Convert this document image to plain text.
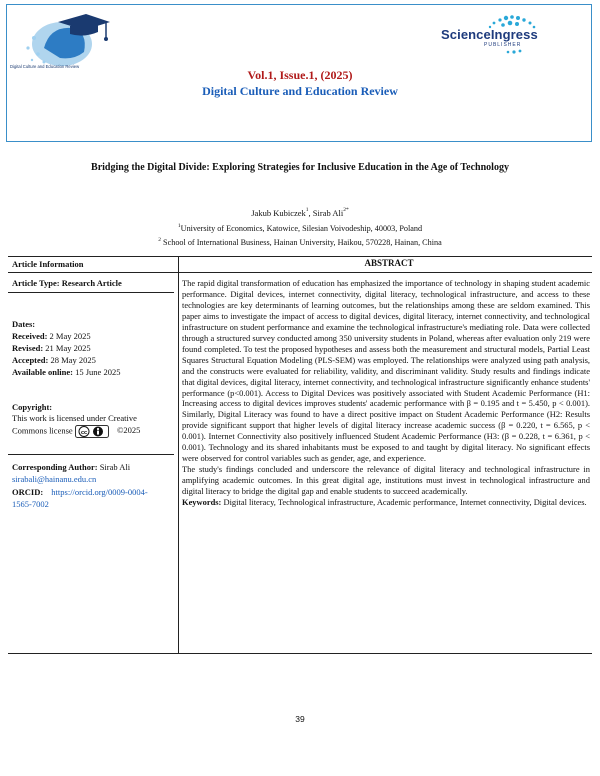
Digital Culture and Education Review
ScienceIngress
PUBLISHER
Vol.1, Issue.1, (2025)
Digital Culture and Education Review
Bridging the Digital Divide: Exploring Strategies for Inclusive Education in the Age of Technology
Jakub Kubiczek$^1$, Sirab Ali$^{2*}$
$^1$University of Economics, Katowice, Silesian Voivodeship, 40003, Poland
$^2$ School of International Business, Hainan University, Haikou, 570228, Hainan, China
Article Information
Article Type: Research Article
Dates:
Received: 2 May 2025
Revised: 21 May 2025
Accepted: 28 May 2025
Available online: 15 June 2025
Copyright:
This work is licensed under Creative
Commons license cc	©2025
Corresponding Author: Sirab Ali
sirabali@hainanu.edu.cn
ORCID: https://orcid.org/0009-0004-
1565-7002
ABSTRACT

The rapid digital transformation of education has emphasized the importance of technology in shaping student academic performance. Digital devices, internet connectivity, digital literacy, technological infrastructure, and access to these technologies are key determinants of learning outcomes, but the relationships among these are seldom examined. This paper aims to investigate the impact of access to digital devices, digital literacy, internet connectivity, and technological infrastructure on student performance and examine the technological infrastructure's mediating role. Data were collected through a structured survey conducted among 350 university students in Poland, whereas after evaluation only 219 were found completed. To test the proposed hypotheses and assess both the measurement and structural models, Partial Least Squares Structural Equation Modeling (PLS-SEM) was employed. The relationships were analyzed using path analysis, and the constructs were evaluated for reliability, validity, and discriminant validity. Study results and findings indicate that digital devices, digital literacy, internet connectivity, and technological infrastructure significantly enhance students' performance (p<0.001). Access to Digital Devices was positively associated with Student Academic Performance (H1: Increasing access to digital devices improves students' academic performance with β = 0.195 and t = 5.450, p < 0.001). Similarly, Digital Literacy was found to have a direct positive impact on Student Academic Performance (H2: Results provide significant support that higher levels of digital literacy increase academic success (β = 0.220, t = 6.565, p < 0.001). Internet Connectivity also positively influenced Student Academic Performance (H3: (β = 0.228, t = 6.361, p < 0.001). Technology and its shared inhabitants must be exposed to and taught by digital literacy. No significant effects were observed for control variables such as gender, age, and experience.

The study's findings concluded and underscore the relevance of digital literacy and technological infrastructure in amplifying academic outcomes. In this great digital age, institutions must invest in technological infrastructure and digital literacy to bridge the digital gap and enable students to succeed academically.

Keywords: Digital literacy, Technological infrastructure, Academic performance, Internet connectivity, Digital devices.

39
